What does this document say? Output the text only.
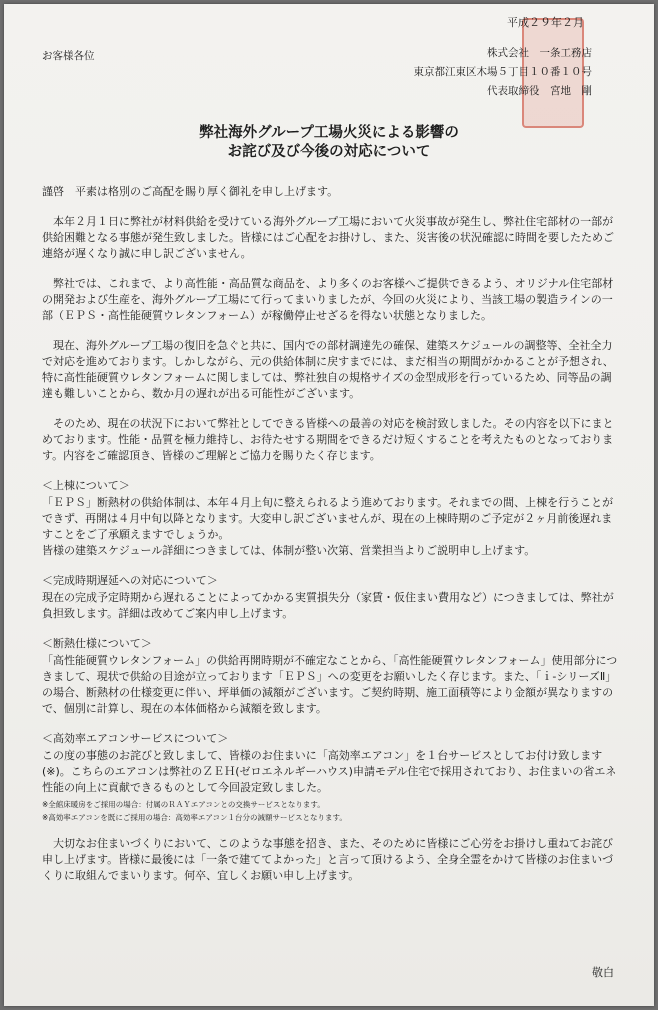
平成２９年２月
お客様各位	株式会社　一条工務店
東京都江東区木場５丁目１０番１０号
代表取締役　宮地　剛
弊社海外グループ工場火災による影響の
お詫び及び今後の対応について

謹啓　平素は格別のご高配を賜り厚く御礼を申し上げます。

本年２月１日に弊社が材料供給を受けている海外グループ工場において火災事故が発生し、弊社住宅部材の一部が供給困難となる事態が発生致しました。皆様にはご心配をお掛けし、また、災害後の状況確認に時間を要したためご連絡が遅くなり誠に申し訳ございません。

弊社では、これまで、より高性能・高品質な商品を、より多くのお客様へご提供できるよう、オリジナル住宅部材の開発および生産を、海外グループ工場にて行ってまいりましたが、今回の火災により、当該工場の製造ラインの一部（ＥＰＳ・高性能硬質ウレタンフォーム）が稼働停止せざるを得ない状態となりました。

現在、海外グループ工場の復旧を急ぐと共に、国内での部材調達先の確保、建築スケジュールの調整等、全社全力で対応を進めております。しかしながら、元の供給体制に戻すまでには、まだ相当の期間がかかることが予想され、特に高性能硬質ウレタンフォームに関しましては、弊社独自の規格サイズの金型成形を行っているため、同等品の調達も難しいことから、数か月の遅れが出る可能性がございます。

そのため、現在の状況下において弊社としてできる皆様への最善の対応を検討致しました。その内容を以下にまとめております。性能・品質を極力維持し、お待たせする期間をできるだけ短くすることを考えたものとなっております。内容をご確認頂き、皆様のご理解とご協力を賜りたく存じます。

＜上棟について＞

「ＥＰＳ」断熱材の供給体制は、本年４月上旬に整えられるよう進めております。それまでの間、上棟を行うことができず、再開は４月中旬以降となります。大変申し訳ございませんが、現在の上棟時期のご予定が２ヶ月前後遅れますことをご了承願えますでしょうか。

皆様の建築スケジュール詳細につきましては、体制が整い次第、営業担当よりご説明申し上げます。

＜完成時期遅延への対応について＞

現在の完成予定時期から遅れることによってかかる実質損失分（家賃・仮住まい費用など）につきましては、弊社が負担致します。詳細は改めてご案内申し上げます。

＜断熱仕様について＞

「高性能硬質ウレタンフォーム」の供給再開時期が不確定なことから、「高性能硬質ウレタンフォーム」使用部分につきまして、現状で供給の目途が立っております「ＥＰＳ」への変更をお願いしたく存じます。また、「ｉ-シリーズⅡ」の場合、断熱材の仕様変更に伴い、坪単価の減額がございます。ご契約時期、施工面積等により金額が異なりますので、個別に計算し、現在の本体価格から減額を致します。

＜高効率エアコンサービスについて＞

この度の事態のお詫びと致しまして、皆様のお住まいに「高効率エアコン」を１台サービスとしてお付け致します(※)。こちらのエアコンは弊社のＺＥＨ(ゼロエネルギーハウス)申請モデル住宅で採用されており、お住まいの省エネ性能の向上に貢献できるものとして今回設定致しました。

※全館床暖房をご採用の場合：付属のＲＡＹエアコンとの交換サービスとなります。

※高効率エアコンを既にご採用の場合：高効率エアコン１台分の減額サービスとなります。

大切なお住まいづくりにおいて、このような事態を招き、また、そのために皆様にご心労をお掛けし重ねてお詫び申し上げます。皆様に最後には「一条で建ててよかった」と言って頂けるよう、全身全霊をかけて皆様のお住まいづくりに取組んでまいります。何卒、宜しくお願い申し上げます。

敬白
